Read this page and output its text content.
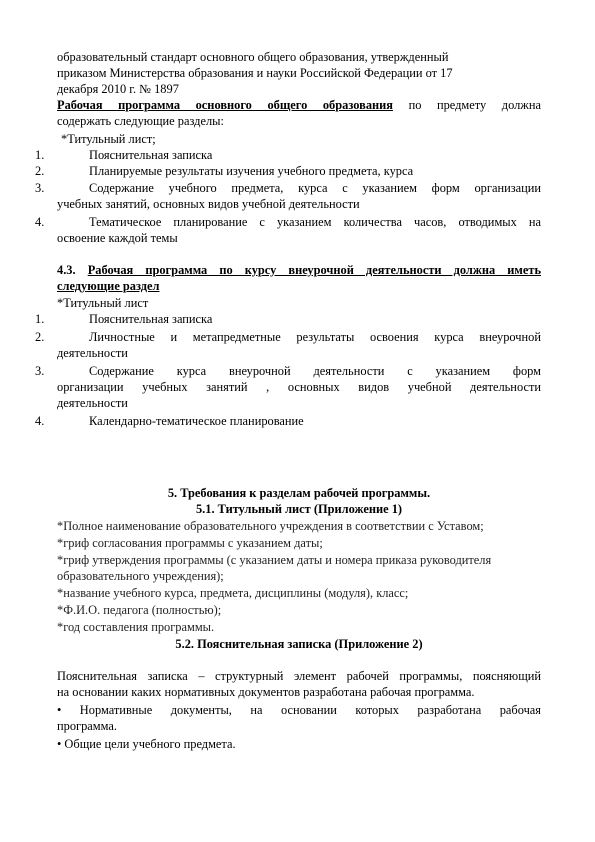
образовательный стандарт основного общего образования, утвержденный
приказом Министерства образования и науки Российской Федерации от 17
декабря 2010 г. № 1897
Рабочая программа основного общего образования по предмету должна
содержать следующие разделы:
*Титульный лист;
1.	Пояснительная записка
2.	Планируемые результаты изучения учебного предмета, курса
3.	Содержание учебного предмета, курса с указанием форм организации
учебных занятий, основных видов учебной деятельности
4.	Тематическое планирование с указанием количества часов, отводимых на
освоение каждой темы
4.3. Рабочая программа по курсу внеурочной деятельности должна иметь
следующие раздел
*Титульный лист
1.	Пояснительная записка
2.	Личностные и метапредметные результаты освоения курса внеурочной
деятельности
3.	Содержание курса внеурочной деятельности с указанием форм
организации учебных занятий , основных видов учебной деятельности
деятельности
4.	Календарно-тематическое планирование
5. Требования к разделам рабочей программы.
5.1. Титульный лист (Приложение 1)
*Полное наименование образовательного учреждения в соответствии с Уставом;
*гриф согласования программы с указанием даты;
*гриф утверждения программы (с указанием даты и номера приказа руководителя
образовательного учреждения);
*название учебного курса, предмета, дисциплины (модуля), класс;
*Ф.И.О. педагога (полностью);
*год составления программы.
5.2. Пояснительная записка (Приложение 2)
Пояснительная записка – структурный элемент рабочей программы, поясняющий
на основании каких нормативных документов разработана рабочая программа.
• Нормативные документы, на основании которых разработана рабочая
программа.
• Общие цели учебного предмета.
